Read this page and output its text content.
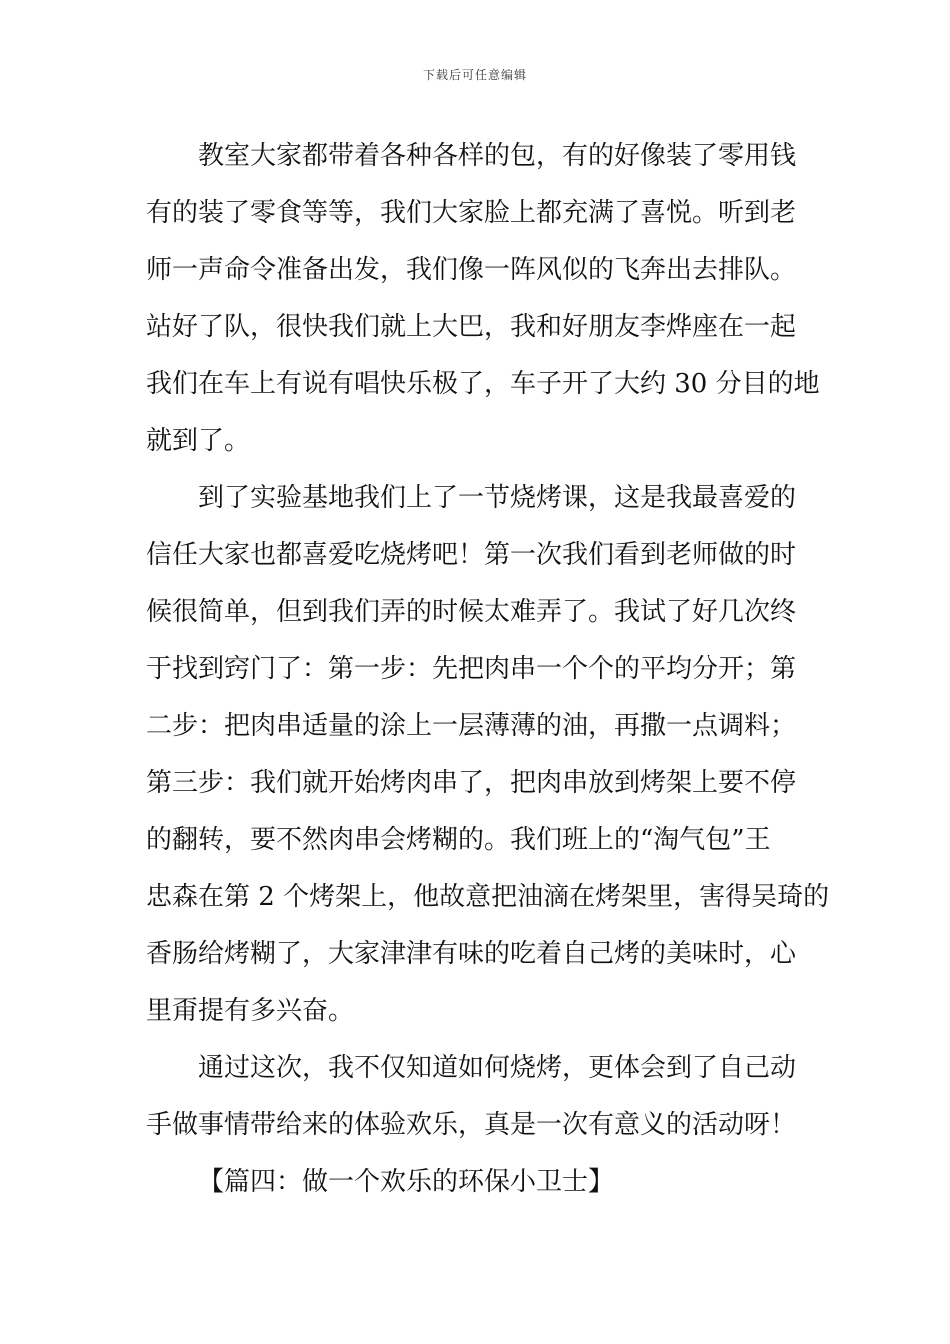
下载后可任意编辑
教室大家都带着各种各样的包，有的好像装了零用钱
有的装了零食等等，我们大家脸上都充满了喜悦。听到老
师一声命令准备出发，我们像一阵风似的飞奔出去排队。
站好了队，很快我们就上大巴，我和好朋友李烨座在一起
我们在车上有说有唱快乐极了，车子开了大约 30 分目的地
就到了。
到了实验基地我们上了一节烧烤课，这是我最喜爱的
信任大家也都喜爱吃烧烤吧！第一次我们看到老师做的时
候很简单，但到我们弄的时候太难弄了。我试了好几次终
于找到窍门了：第一步：先把肉串一个个的平均分开；第
二步：把肉串适量的涂上一层薄薄的油，再撒一点调料；
第三步：我们就开始烤肉串了，把肉串放到烤架上要不停
的翻转，要不然肉串会烤糊的。我们班上的“淘气包”王
忠森在第 2 个烤架上，他故意把油滴在烤架里，害得吴琦的
香肠给烤糊了，大家津津有味的吃着自己烤的美味时，心
里甭提有多兴奋。
通过这次，我不仅知道如何烧烤，更体会到了自己动
手做事情带给来的体验欢乐，真是一次有意义的活动呀！
【篇四：做一个欢乐的环保小卫士】
